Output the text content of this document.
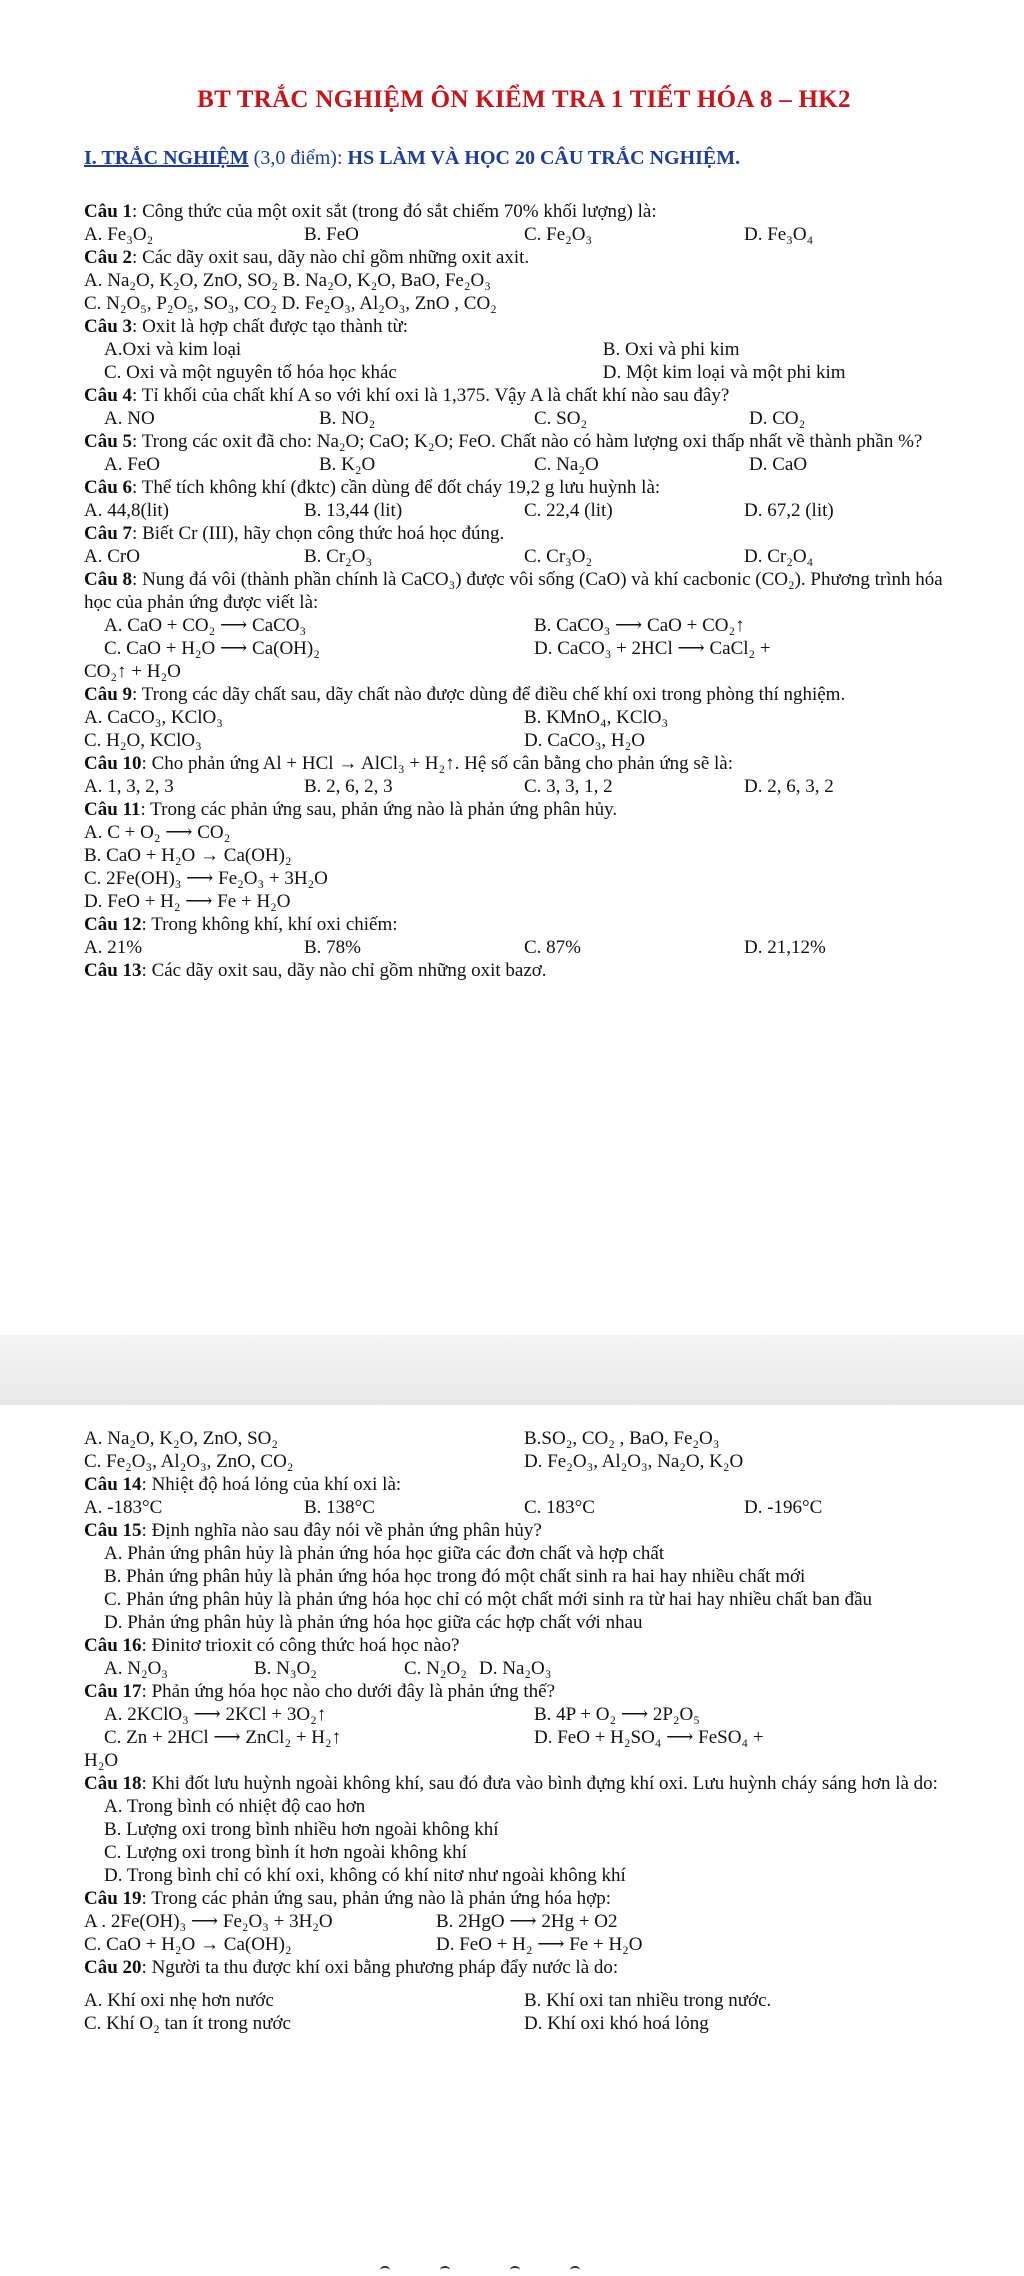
BT TRẮC NGHIỆM ÔN KIỂM TRA 1 TIẾT HÓA 8 – HK2
I. TRẮC NGHIỆM (3,0 điểm): HS LÀM VÀ HỌC 20 CÂU TRẮC NGHIỆM.
Câu 1: Công thức của một oxit sắt (trong đó sắt chiếm 70% khối lượng) là:
A. Fe₃O₂	B. FeO	C. Fe₂O₃	D. Fe₃O₄
Câu 2: Các dãy oxit sau, dãy nào chỉ gồm những oxit axit.
A. Na₂O, K₂O, ZnO, SO₂ B. Na₂O, K₂O, BaO, Fe₂O₃
C. N₂O₅, P₂O₅, SO₃, CO₂ D. Fe₂O₃, Al₂O₃, ZnO , CO₂
Câu 3: Oxit là hợp chất được tạo thành từ:
A.Oxi và kim loại	B. Oxi và phi kim
C. Oxi và một nguyên tố hóa học khác	D. Một kim loại và một phi kim
Câu 4: Tỉ khối của chất khí A so với khí oxi là 1,375. Vậy A là chất khí nào sau đây?
A. NO	B. NO₂	C. SO₂	D. CO₂
Câu 5: Trong các oxit đã cho: Na₂O; CaO; K₂O; FeO. Chất nào có hàm lượng oxi thấp nhất về thành phần %?
A. FeO	B. K₂O	C. Na₂O	D. CaO
Câu 6: Thể tích không khí (đktc) cần dùng để đốt cháy 19,2 g lưu huỳnh là:
A. 44,8(lit)	B. 13,44 (lit)	C. 22,4 (lit)	D. 67,2 (lit)
Câu 7: Biết Cr (III), hãy chọn công thức hoá học đúng.
A. CrO	B. Cr₂O₃	C. Cr₃O₂	D. Cr₂O₄
Câu 8: Nung đá vôi (thành phần chính là CaCO₃) được vôi sống (CaO) và khí cacbonic (CO₂). Phương trình hóa học của phản ứng được viết là:
A. CaO + CO₂ ⟶ CaCO₃	B. CaCO₃ ⟶ CaO + CO₂↑
C. CaO + H₂O ⟶ Ca(OH)₂	D. CaCO₃ + 2HCl ⟶ CaCl₂ +
CO₂↑ + H₂O
Câu 9: Trong các dãy chất sau, dãy chất nào được dùng để điều chế khí oxi trong phòng thí nghiệm.
A. CaCO₃, KClO₃	B. KMnO₄, KClO₃
C. H₂O, KClO₃	D. CaCO₃, H₂O
Câu 10: Cho phản ứng Al + HCl → AlCl₃ + H₂↑. Hệ số cân bằng cho phản ứng sẽ là:
A. 1, 3, 2, 3	B. 2, 6, 2, 3	C. 3, 3, 1, 2	D. 2, 6, 3, 2
Câu 11: Trong các phản ứng sau, phản ứng nào là phản ứng phân hủy.
A. C + O₂ ⟶ CO₂
B. CaO + H₂O → Ca(OH)₂
C. 2Fe(OH)₃ ⟶ Fe₂O₃ + 3H₂O
D. FeO + H₂ ⟶ Fe + H₂O
Câu 12: Trong không khí, khí oxi chiếm:
A. 21%	B. 78%	C. 87%	D. 21,12%
Câu 13: Các dãy oxit sau, dãy nào chỉ gồm những oxit bazơ.
A. Na₂O, K₂O, ZnO, SO₂	B.SO₂, CO₂ , BaO, Fe₂O₃
C. Fe₂O₃, Al₂O₃, ZnO, CO₂	D. Fe₂O₃, Al₂O₃, Na₂O, K₂O
Câu 14: Nhiệt độ hoá lỏng của khí oxi là:
A. -183°C	B. 138°C	C. 183°C	D. -196°C
Câu 15: Định nghĩa nào sau đây nói về phản ứng phân hủy?
A. Phản ứng phân hủy là phản ứng hóa học giữa các đơn chất và hợp chất
B. Phản ứng phân hủy là phản ứng hóa học trong đó một chất sinh ra hai hay nhiều chất mới
C. Phản ứng phân hủy là phản ứng hóa học chỉ có một chất mới sinh ra từ hai hay nhiều chất ban đầu
D. Phản ứng phân hủy là phản ứng hóa học giữa các hợp chất với nhau
Câu 16: Đinitơ trioxit có công thức hoá học nào?
A. N₂O₃	B. N₃O₂	C. N₂O₂ D. Na₂O₃
Câu 17: Phản ứng hóa học nào cho dưới đây là phản ứng thế?
A. 2KClO₃ ⟶ 2KCl + 3O₂↑	B. 4P + O₂ ⟶ 2P₂O₅
C. Zn + 2HCl ⟶ ZnCl₂ + H₂↑	D. FeO + H₂SO₄ ⟶ FeSO₄ +
H₂O
Câu 18: Khi đốt lưu huỳnh ngoài không khí, sau đó đưa vào bình đựng khí oxi. Lưu huỳnh cháy sáng hơn là do:
A. Trong bình có nhiệt độ cao hơn
B. Lượng oxi trong bình nhiều hơn ngoài không khí
C. Lượng oxi trong bình ít hơn ngoài không khí
D. Trong bình chỉ có khí oxi, không có khí nitơ như ngoài không khí
Câu 19: Trong các phản ứng sau, phản ứng nào là phản ứng hóa hợp:
A . 2Fe(OH)₃ ⟶ Fe₂O₃ + 3H₂O	B. 2HgO ⟶ 2Hg + O2
C. CaO + H₂O → Ca(OH)₂	D. FeO + H₂ ⟶ Fe + H₂O
Câu 20: Người ta thu được khí oxi bằng phương pháp đẩy nước là do:
A. Khí oxi nhẹ hơn nước	B. Khí oxi tan nhiều trong nước.
C. Khí O₂ tan ít trong nước	D. Khí oxi khó hoá lỏng
